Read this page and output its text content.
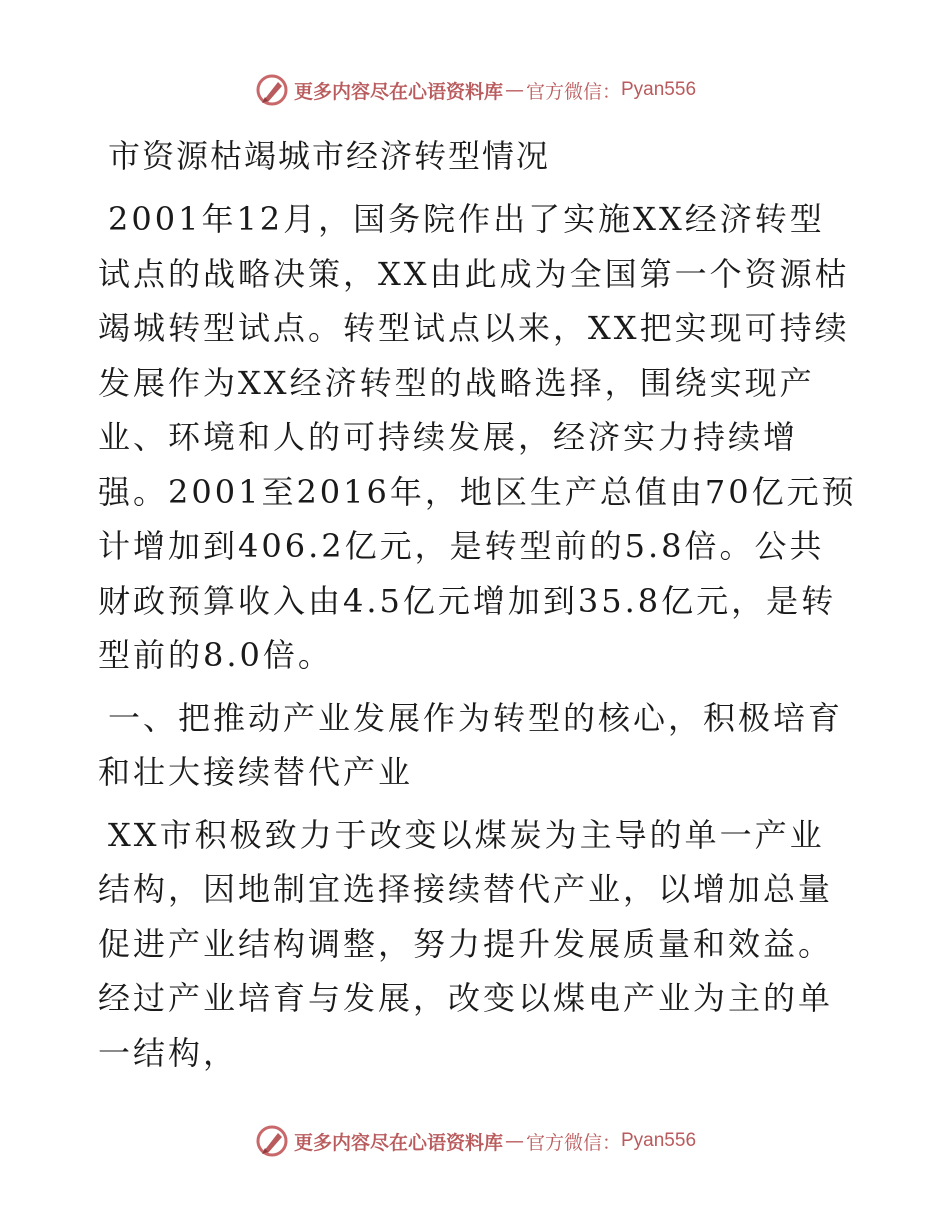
更多内容尽在心语资料库 — 官方微信： Pyan556
市资源枯竭城市经济转型情况

2001年12月，国务院作出了实施XX经济转型试点的战略决策，XX由此成为全国第一个资源枯竭城转型试点。转型试点以来，XX把实现可持续发展作为XX经济转型的战略选择，围绕实现产业、环境和人的可持续发展，经济实力持续增强。2001至2016年，地区生产总值由70亿元预计增加到406.2亿元，是转型前的5.8倍。公共财政预算收入由4.5亿元增加到35.8亿元，是转型前的8.0倍。

一、把推动产业发展作为转型的核心，积极培育和壮大接续替代产业

XX市积极致力于改变以煤炭为主导的单一产业结构，因地制宜选择接续替代产业，以增加总量促进产业结构调整，努力提升发展质量和效益。经过产业培育与发展，改变以煤电产业为主的单一结构，

更多内容尽在心语资料库 — 官方微信： Pyan556
